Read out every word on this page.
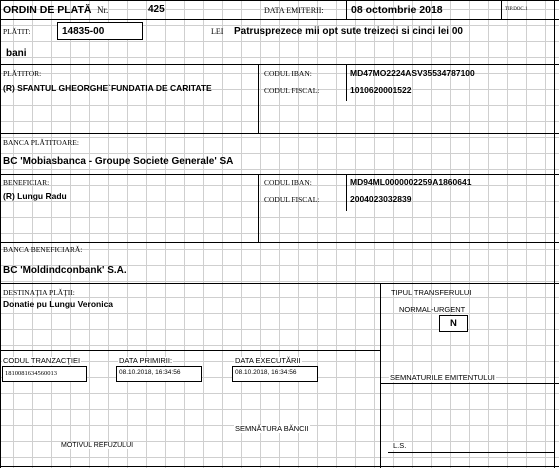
ORDIN DE PLATĂ Nr.	425	DATA EMITERII:	08 octombrie 2018	TIP.DOC.1
PLĂTIT:	14835-00	LEI Patrusprezece mii opt sute treizeci si cinci lei 00
bani
PLĂTITOR:
(R) SFANTUL GHEORGHE`FUNDATIA DE CARITATE
CODUL IBAN:	MD47MO2224ASV35534787100
CODUL FISCAL:	1010620001522
BANCA PLĂTITOARE:
BC 'Mobiasbanca - Groupe Societe Generale' SA
BENEFICIAR:
(R) Lungu Radu
CODUL IBAN:	MD94ML0000002259A1860641
CODUL FISCAL:	2004023032839
BANCA BENEFICIARĂ:
BC 'Moldindconbank' S.A.
DESTINAŢIA PLĂŢII:
Donatie pu Lungu Veronica
TIPUL TRANSFERULUI
NORMAL-URGENT
N
CODUL TRANZACŢIEI
1810081634560013
DATA PRIMIRII:
08.10.2018, 16:34:56
DATA EXECUTĂRII
08.10.2018, 16:34:56
SEMNATURILE EMITENTULUI
SEMNĂTURA BĂNCII
MOTIVUL REFUZULUI	L.S.
